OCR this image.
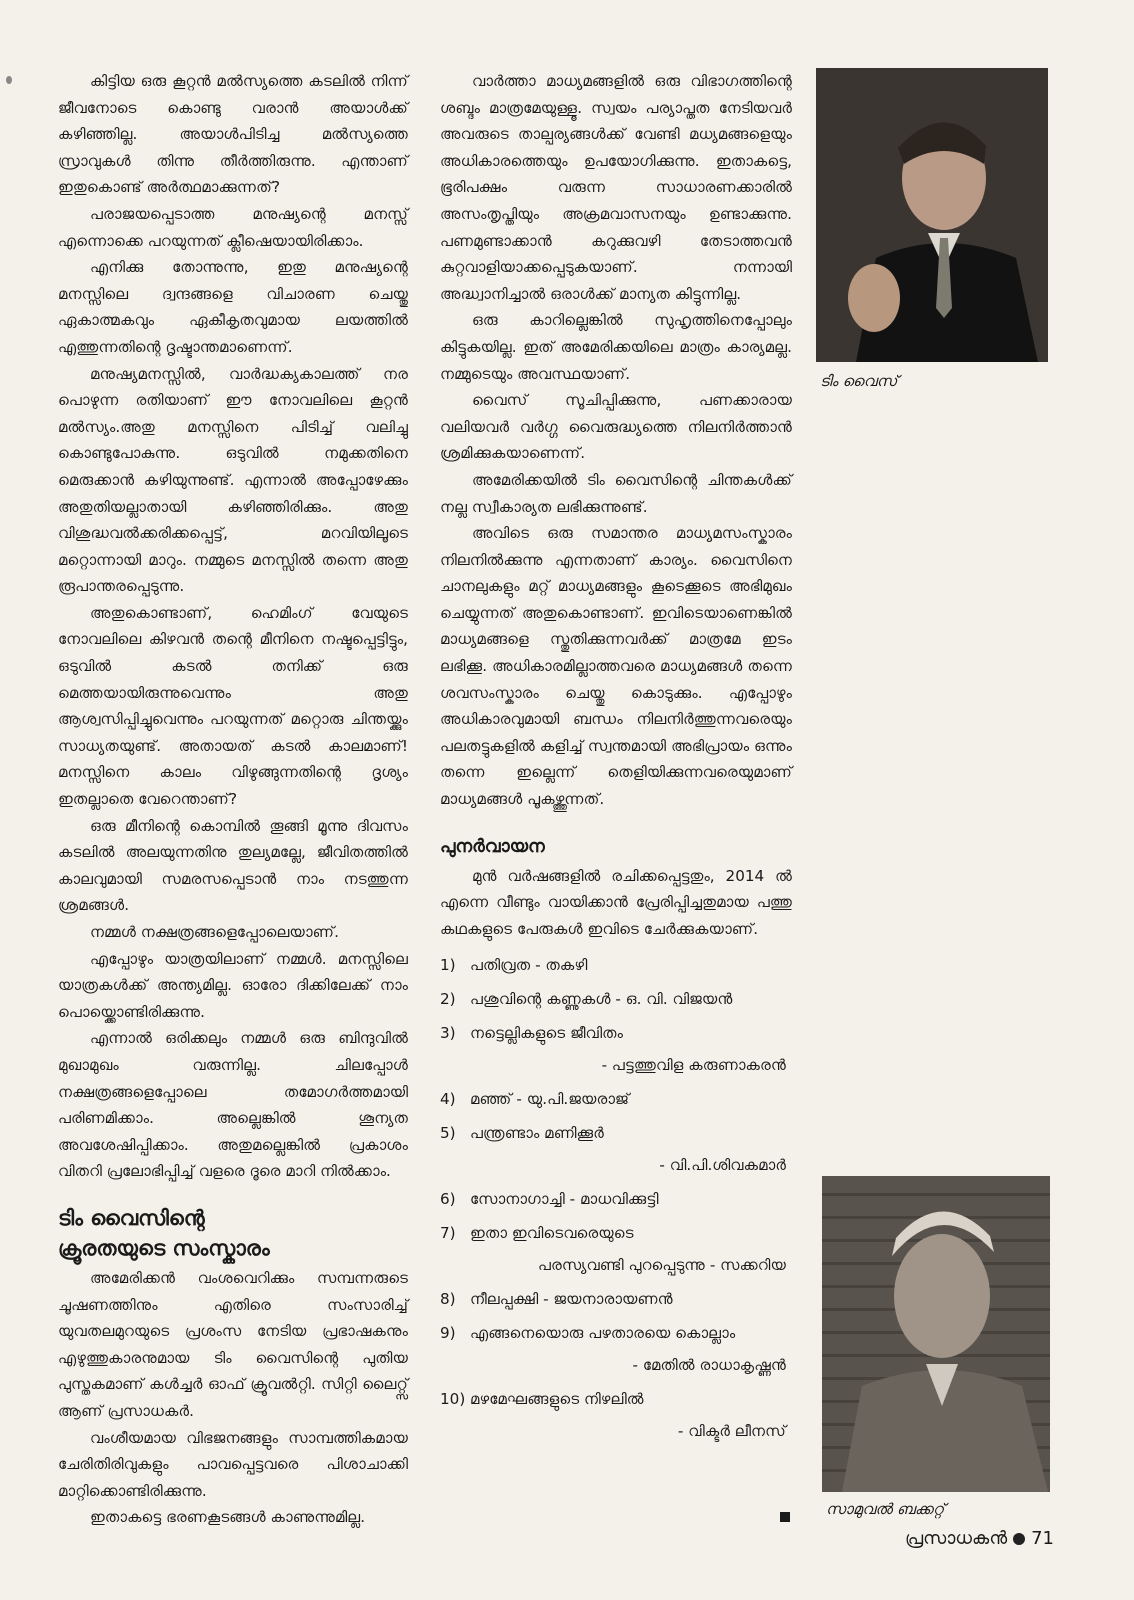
കിട്ടിയ ഒരു കൂറ്റൻ മൽസ്യത്തെ കടലിൽ നിന്ന് ജീവനോടെ കൊണ്ടു വരാൻ അയാൾക്ക് കഴിഞ്ഞില്ല. അയാൾപിടിച്ച മൽസ്യത്തെ സ്രാവുകൾ തിന്നു തീർത്തിരുന്നു. എന്താണ് ഇതുകൊണ്ട് അർത്ഥമാക്കുന്നത്?

പരാജയപ്പെടാത്ത മനുഷ്യന്റെ മനസ്സ് എന്നൊക്കെ പറയുന്നത് ക്ലീഷെയായിരിക്കാം.

എനിക്കു തോന്നുന്നു, ഇതു മനുഷ്യന്റെ മനസ്സിലെ ദ്വന്ദങ്ങളെ വിചാരണ ചെയ്തു ഏകാത്മകവും ഏകീകൃതവുമായ ലയത്തിൽ എത്തുന്നതിന്റെ ദൃഷ്ടാന്തമാണെന്ന്.

മനുഷ്യമനസ്സിൽ, വാർദ്ധക്യകാലത്ത് നര പൊഴുന്ന രതിയാണ് ഈ നോവലിലെ കൂറ്റൻ മൽസ്യം.അതു മനസ്സിനെ പിടിച്ച് വലിച്ചു കൊണ്ടുപോകുന്നു. ഒടുവിൽ നമുക്കതിനെ മെരുക്കാൻ കഴിയുന്നുണ്ട്. എന്നാൽ അപ്പോഴേക്കും അതുതിയല്ലാതായി കഴിഞ്ഞിരിക്കും. അതു വിശുദ്ധവൽക്കരിക്കപ്പെട്ട്, മറവിയിലൂടെ മറ്റൊന്നായി മാറും. നമ്മുടെ മനസ്സിൽ തന്നെ അതു രൂപാന്തരപ്പെടുന്നു.

അതുകൊണ്ടാണ്, ഹെമിംഗ് വേയുടെ നോവലിലെ കിഴവൻ തന്റെ മീനിനെ നഷ്ടപ്പെട്ടിട്ടും, ഒടുവിൽ കടൽ തനിക്ക് ഒരു മെത്തയായിരുന്നുവെന്നും അതു ആശ്വസിപ്പിച്ചുവെന്നും പറയുന്നത് മറ്റൊരു ചിന്തയ്ക്കും സാധ്യതയുണ്ട്. അതായത് കടൽ കാലമാണ്! മനസ്സിനെ കാലം വിഴുങ്ങുന്നതിന്റെ ദൃശ്യം ഇതല്ലാതെ വേറെന്താണ്?

ഒരു മീനിന്റെ കൊമ്പിൽ തൂങ്ങി മൂന്നു ദിവസം കടലിൽ അലയുന്നതിനു തുല്യമല്ലേ, ജീവിതത്തിൽ കാലവുമായി സമരസപ്പെടാൻ നാം നടത്തുന്ന ശ്രമങ്ങൾ.

നമ്മൾ നക്ഷത്രങ്ങളെപ്പോലെയാണ്.

എപ്പോഴും യാത്രയിലാണ് നമ്മൾ. മനസ്സിലെ യാത്രകൾക്ക് അന്ത്യമില്ല. ഓരോ ദിക്കിലേക്ക് നാം പൊയ്ക്കൊണ്ടിരിക്കുന്നു.

എന്നാൽ ഒരിക്കലും നമ്മൾ ഒരു ബിന്ദുവിൽ മുഖാമുഖം വരുന്നില്ല. ചിലപ്പോൾ നക്ഷത്രങ്ങളെപ്പോലെ തമോഗർത്തമായി പരിണമിക്കാം. അല്ലെങ്കിൽ ശൂന്യത അവശേഷിപ്പിക്കാം. അതുമല്ലെങ്കിൽ പ്രകാശം വിതറി പ്രലോഭിപ്പിച്ച് വളരെ ദൂരെ മാറി നിൽക്കാം.

ടിം വൈസിന്റെ
ക്രൂരതയുടെ സംസ്കാരം

അമേരിക്കൻ വംശവെറിക്കും സമ്പന്നരുടെ ചൂഷണത്തിനും എതിരെ സംസാരിച്ച് യുവതലമുറയുടെ പ്രശംസ നേടിയ പ്രഭാഷകനും എഴുത്തുകാരനുമായ ടിം വൈസിന്റെ പുതിയ പുസ്തകമാണ് കൾച്ചർ ഓഫ് ക്രൂവൽറ്റി. സിറ്റി ലൈറ്റ്സ് ആണ് പ്രസാധകർ.

വംശീയമായ വിഭജനങ്ങളും സാമ്പത്തികമായ ചേരിതിരിവുകളും പാവപ്പെട്ടവരെ പിശാചാക്കി മാറ്റിക്കൊണ്ടിരിക്കുന്നു.

ഇതാകട്ടെ ഭരണകൂടങ്ങൾ കാണുന്നുമില്ല.

വാർത്താ മാധ്യമങ്ങളിൽ ഒരു വിഭാഗത്തിന്റെ ശബ്ദം മാത്രമേയുള്ളൂ. സ്വയം പര്യാപ്തത നേടിയവർ അവരുടെ താല്പര്യങ്ങൾക്ക് വേണ്ടി മധ്യമങ്ങളെയും അധികാരത്തെയും ഉപയോഗിക്കുന്നു. ഇതാകട്ടെ, ഭൂരിപക്ഷം വരുന്ന സാധാരണക്കാരിൽ അസംതൃപ്തിയും അക്രമവാസനയും ഉണ്ടാക്കുന്നു. പണമുണ്ടാക്കാൻ കറുക്കുവഴി തേടാത്തവൻ കുറ്റവാളിയാക്കപ്പെടുകയാണ്. നന്നായി അദ്ധ്വാനിച്ചാൽ ഒരാൾക്ക് മാന്യത കിട്ടുന്നില്ല.

ഒരു കാറില്ലെങ്കിൽ സുഹൃത്തിനെപ്പോലും കിട്ടുകയില്ല. ഇത് അമേരിക്കയിലെ മാത്രം കാര്യമല്ല. നമ്മുടെയും അവസ്ഥയാണ്.

വൈസ് സൂചിപ്പിക്കുന്നു, പണക്കാരായ വലിയവർ വർഗ്ഗ വൈരുദ്ധ്യത്തെ നിലനിർത്താൻ ശ്രമിക്കുകയാണെന്ന്.

അമേരിക്കയിൽ ടിം വൈസിന്റെ ചിന്തകൾക്ക് നല്ല സ്വീകാര്യത ലഭിക്കുന്നുണ്ട്.

അവിടെ ഒരു സമാന്തര മാധ്യമസംസ്കാരം നിലനിൽക്കുന്നു എന്നതാണ് കാര്യം. വൈസിനെ ചാനലുകളും മറ്റ് മാധ്യമങ്ങളും കൂടെക്കൂടെ അഭിമുഖം ചെയ്യുന്നത് അതുകൊണ്ടാണ്. ഇവിടെയാണെങ്കിൽ മാധ്യമങ്ങളെ സ്തുതിക്കുന്നവർക്ക് മാത്രമേ ഇടം ലഭിക്കൂ. അധികാരമില്ലാത്തവരെ മാധ്യമങ്ങൾ തന്നെ ശവസംസ്കാരം ചെയ്തു കൊടുക്കും. എപ്പോഴും അധികാരവുമായി ബന്ധം നിലനിർത്തുന്നവരെയും പലതട്ടുകളിൽ കളിച്ച് സ്വന്തമായി അഭിപ്രായം ഒന്നും തന്നെ ഇല്ലെന്ന് തെളിയിക്കുന്നവരെയുമാണ് മാധ്യമങ്ങൾ പൂകഴ്ത്തുന്നത്.

പുനർവായന

മുൻ വർഷങ്ങളിൽ രചിക്കപ്പെട്ടതും, 2014 ൽ എന്നെ വീണ്ടും വായിക്കാൻ പ്രേരിപ്പിച്ചതുമായ പത്തു കഥകളുടെ പേരുകൾ ഇവിടെ ചേർക്കുകയാണ്.

1) പതിവ്രത - തകഴി
2) പശുവിന്റെ കണ്ണുകൾ - ഒ. വി. വിജയൻ
3) നട്ടെല്ലികളുടെ ജീവിതം
- പട്ടത്തുവിള കരുണാകരൻ
4) മഞ്ഞ് - യു.പി.ജയരാജ്
5) പന്ത്രണ്ടാം മണിക്കൂർ
- വി.പി.ശിവകമാർ
6) സോനാഗാച്ചി - മാധവിക്കുട്ടി
7) ഇതാ ഇവിടെവരെയുടെ
പരസ്യവണ്ടി പുറപ്പെടുന്നു - സക്കറിയ
8) നീലപ്പക്ഷി - ജയനാരായണൻ
9) എങ്ങനെയൊരു പഴതാരയെ കൊല്ലാം
- മേതിൽ രാധാകൃഷ്ണൻ
10) മഴമേഘങ്ങളുടെ നിഴലിൽ
- വിക്ടർ ലീനസ്
ടിം വൈസ്
സാമുവൽ ബക്കറ്റ്
പ്രസാധകൻ 71
